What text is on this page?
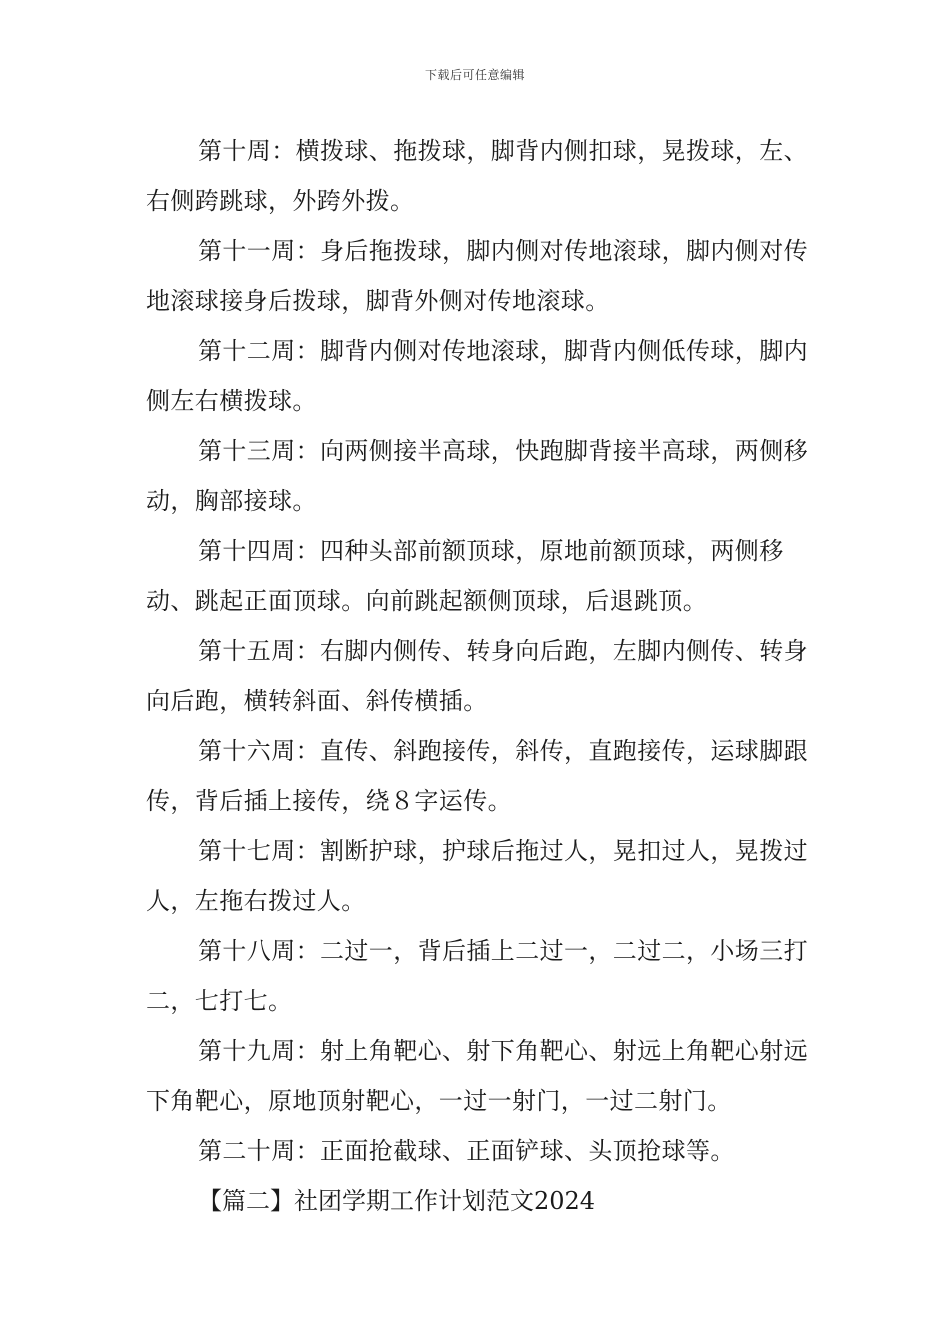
下载后可任意编辑

第十周：横拨球、拖拨球，脚背内侧扣球，晃拨球，左、右侧跨跳球，外跨外拨。

第十一周：身后拖拨球，脚内侧对传地滚球，脚内侧对传地滚球接身后拨球，脚背外侧对传地滚球。

第十二周：脚背内侧对传地滚球，脚背内侧低传球，脚内侧左右横拨球。

第十三周：向两侧接半高球，快跑脚背接半高球，两侧移动，胸部接球。

第十四周：四种头部前额顶球，原地前额顶球，两侧移动、跳起正面顶球。向前跳起额侧顶球，后退跳顶。

第十五周：右脚内侧传、转身向后跑，左脚内侧传、转身向后跑，横转斜面、斜传横插。

第十六周：直传、斜跑接传，斜传，直跑接传，运球脚跟传，背后插上接传，绕８字运传。

第十七周：割断护球，护球后拖过人，晃扣过人，晃拨过人，左拖右拨过人。

第十八周：二过一，背后插上二过一，二过二，小场三打二，七打七。

第十九周：射上角靶心、射下角靶心、射远上角靶心射远下角靶心，原地顶射靶心，一过一射门，一过二射门。

第二十周：正面抢截球、正面铲球、头顶抢球等。

【篇二】社团学期工作计划范文2024
